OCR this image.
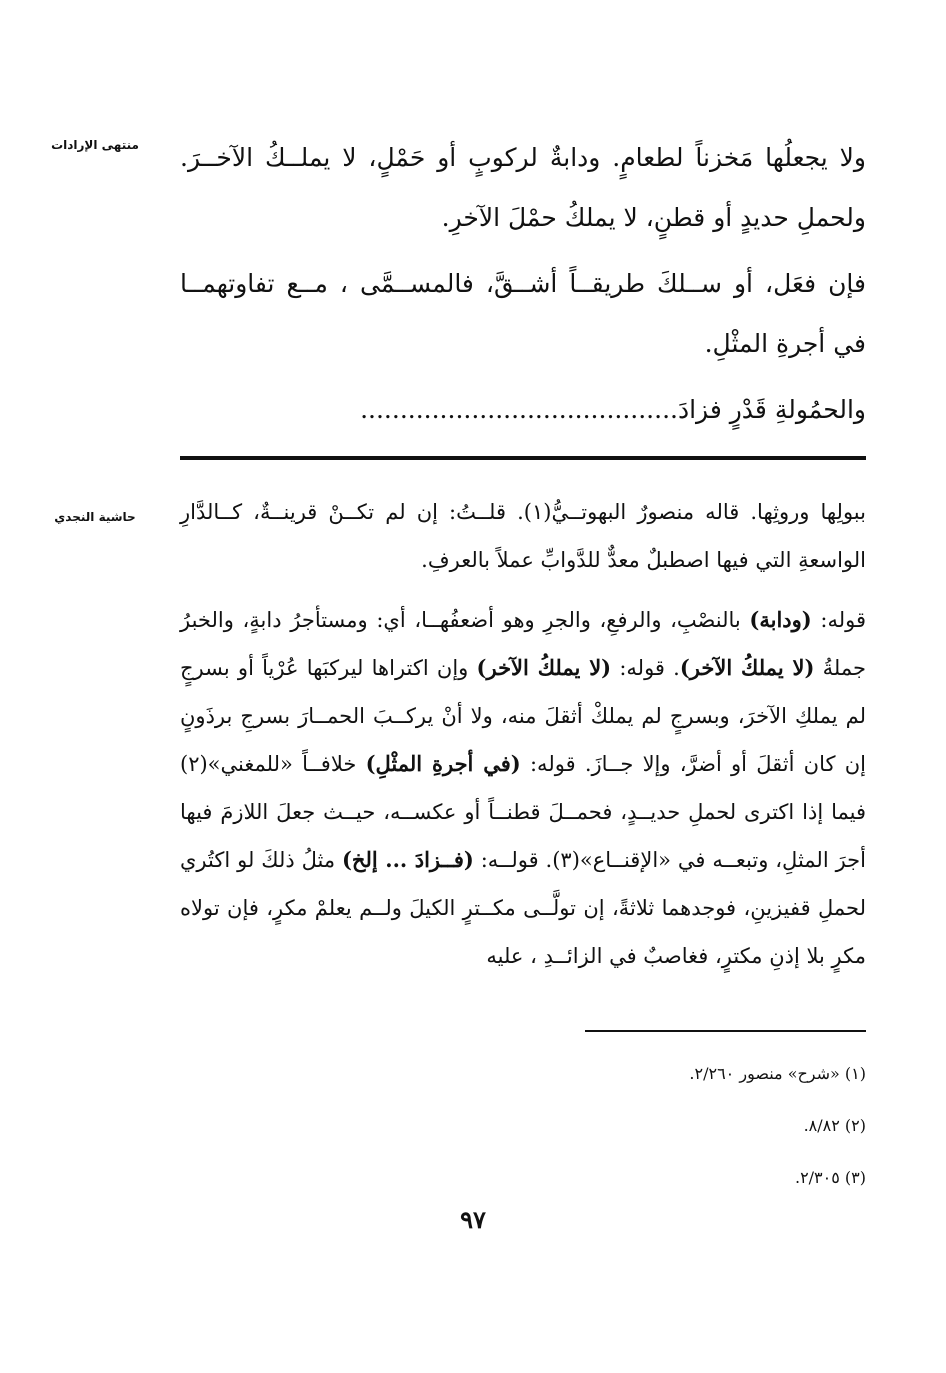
منتهى الإرادات ولا يجعلُها مَخزناً لطعامٍ. ودابةٌ لركوبٍ أو حَمْلٍ، لا يملــكُ الآخــرَ. ولحملِ حديدٍ أو قطنٍ، لا يملكُ حمْلَ الآخرِ.

فإن فعَل، أو ســلكَ طريقــاً أشــقَّ، فالمســمَّى ، مــع تفاوتهمــا في أجرةِ المثْلِ.

والحمُولةِ قَدْرٍ فزادَ........................................

حاشية النجدي ببولِها وروثِها. قاله منصورٌ البهوتــيُّ(١). قلــتُ: إن لم تكــنْ قرينــةٌ، كــالدَّارِ الواسعةِ التي فيها اصطبلٌ معدٌّ للدَّوابِّ عملاً بالعرفِ.

قوله: (ودابة) بالنصْبِ، والرفعِ، والجرِ وهو أضعفُهــا، أي: ومستأجرُ دابةٍ، والخبرُ جملةُ (لا يملكُ الآخر). قوله: (لا يملكُ الآخر) وإن اكتراها ليركبَها عُرْياً أو بسرجٍ لم يملكِ الآخرَ، وبسرجٍ لم يملكْ أثقلَ منه، ولا أنْ يركــبَ الحمــارَ بسرجِ برذَونٍ إن كان أثقلَ أو أضرَّ، وإلا جــازَ. قوله: (في أجرةِ المثْلِ) خلافــاً «للمغني»(٢) فيما إذا اكترى لحملِ حديــدٍ، فحمــلَ قطنــاً أو عكســه، حيــث جعلَ اللازمَ فيها أجرَ المثلِ، وتبعــه في «الإقنــاع»(٣). قولــه: (فــزادَ ... إلخ) مثلُ ذلكَ لو اكتُري لحملِ قفيزينِ، فوجدهما ثلاثةً، إن تولَّــى مكــترٍ الكيلَ ولــم يعلمْ مكرٍ، فإن تولاه مكرٍ بلا إذنِ مكترٍ، فغاصبٌ في الزائــدِ ، عليه

(١) «شرح» منصور ٢/٢٦٠.
(٢) ٨/٨٢.
(٣) ٢/٣٠٥.
٩٧
